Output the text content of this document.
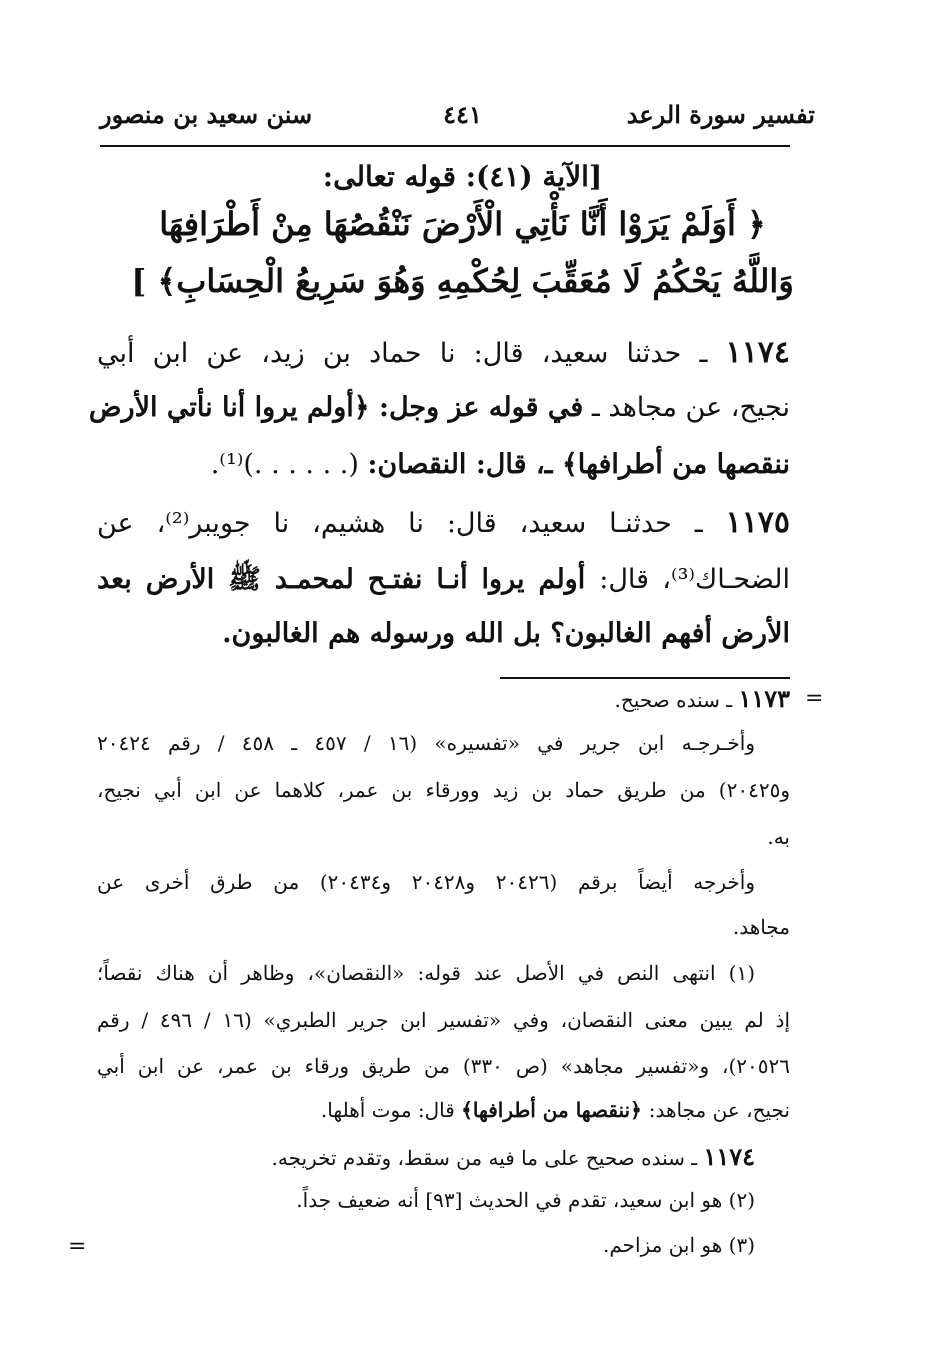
تفسير سورة الرعد
٤٤١
سنن سعيد بن منصور
[الآية (٤١): قوله تعالى:
﴿ أَوَلَمْ يَرَوْا أَنَّا نَأْتِي الْأَرْضَ نَنْقُصُهَا مِنْ أَطْرَافِهَا
وَاللَّهُ يَحْكُمُ لَا مُعَقِّبَ لِحُكْمِهِ وَهُوَ سَرِيعُ الْحِسَابِ﴾ ]
١١٧٤ ـ حدثنا سعيد، قال: نا حماد بن زيد، عن ابن أبي
نجيح، عن مجاهد ـ في قوله عز وجل: ﴿أولم يروا أنا نأتي الأرض
ننقصها من أطرافها﴾ ـ، قال: النقصان: (. . . . . .)⁽¹⁾.
١١٧٥ ـ حدثنـا سعيد، قال: نا هشيم، نا جويبر⁽²⁾، عن
الضحـاك⁽³⁾، قال: أولم يروا أنـا نفتـح لمحمـد ﷺ الأرض بعد
الأرض أفهم الغالبون؟ بل الله ورسوله هم الغالبون.
=
١١٧٣ ـ سنده صحيح.
وأخـرجـه ابن جرير في «تفسيره» (١٦ / ٤٥٧ ـ ٤٥٨ / رقم ٢٠٤٢٤
و٢٠٤٢٥) من طريق حماد بن زيد وورقاء بن عمر، كلاهما عن ابن أبي نجيح،
به.
وأخرجه أيضاً برقم (٢٠٤٢٦ و٢٠٤٢٨ و٢٠٤٣٤) من طرق أخرى عن
مجاهد.
(١) انتهى النص في الأصل عند قوله: «النقصان»، وظاهر أن هناك نقصاً؛
إذ لم يبين معنى النقصان، وفي «تفسير ابن جرير الطبري» (١٦ / ٤٩٦ / رقم
٢٠٥٢٦)، و«تفسير مجاهد» (ص ٣٣٠) من طريق ورقاء بن عمر، عن ابن أبي
نجيح، عن مجاهد: ﴿ننقصها من أطرافها﴾ قال: موت أهلها.
١١٧٤ ـ سنده صحيح على ما فيه من سقط، وتقدم تخريجه.
(٢) هو ابن سعيد، تقدم في الحديث [٩٣] أنه ضعيف جداً.
(٣) هو ابن مزاحم.
=
